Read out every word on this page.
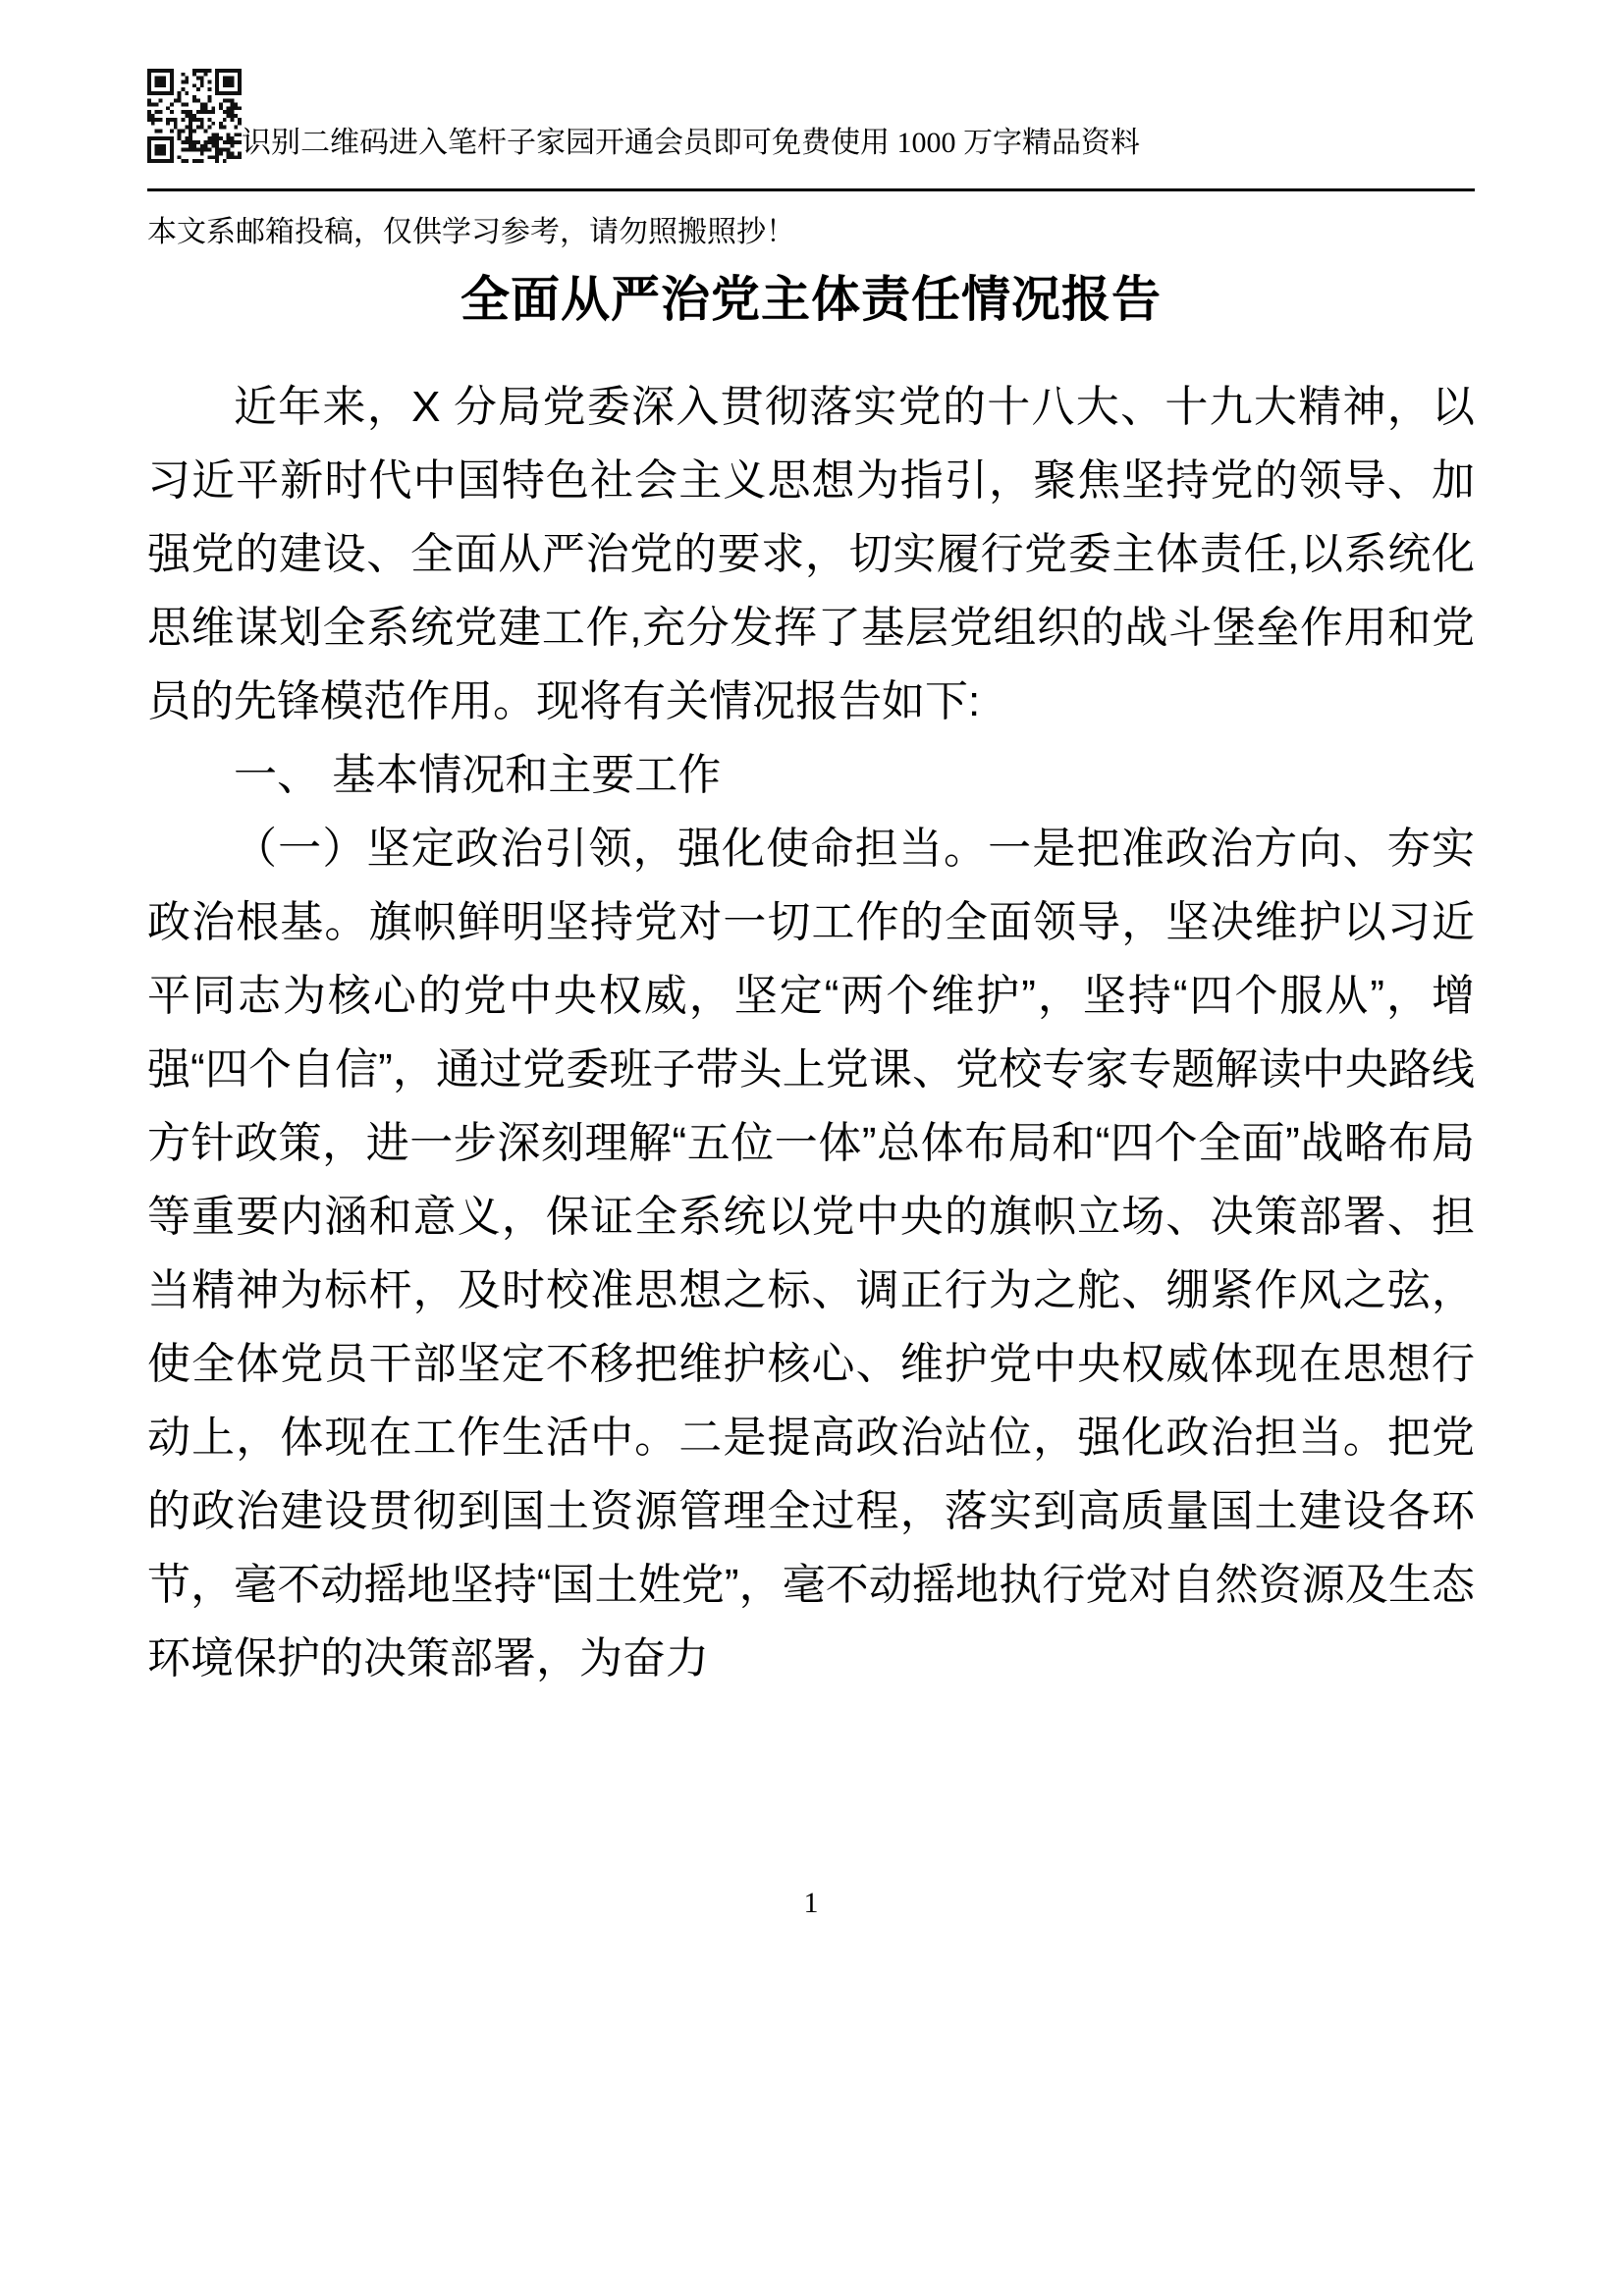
识别二维码进入笔杆子家园开通会员即可免费使用 1000 万字精品资料
本文系邮箱投稿，仅供学习参考，请勿照搬照抄！
全面从严治党主体责任情况报告

近年来，X 分局党委深入贯彻落实党的十八大、十九大精神，以习近平新时代中国特色社会主义思想为指引，聚焦坚持党的领导、加强党的建设、全面从严治党的要求，切实履行党委主体责任,以系统化思维谋划全系统党建工作,充分发挥了基层党组织的战斗堡垒作用和党员的先锋模范作用。现将有关情况报告如下:

一、 基本情况和主要工作

（一）坚定政治引领，强化使命担当。一是把准政治方向、夯实政治根基。旗帜鲜明坚持党对一切工作的全面领导，坚决维护以习近平同志为核心的党中央权威，坚定“两个维护”，坚持“四个服从”，增强“四个自信”，通过党委班子带头上党课、党校专家专题解读中央路线方针政策，进一步深刻理解“五位一体”总体布局和“四个全面”战略布局等重要内涵和意义，保证全系统以党中央的旗帜立场、决策部署、担当精神为标杆，及时校准思想之标、调正行为之舵、绷紧作风之弦，使全体党员干部坚定不移把维护核心、维护党中央权威体现在思想行动上，体现在工作生活中。二是提高政治站位，强化政治担当。把党的政治建设贯彻到国土资源管理全过程，落实到高质量国土建设各环节，毫不动摇地坚持“国土姓党”，毫不动摇地执行党对自然资源及生态环境保护的决策部署，为奋力

1
